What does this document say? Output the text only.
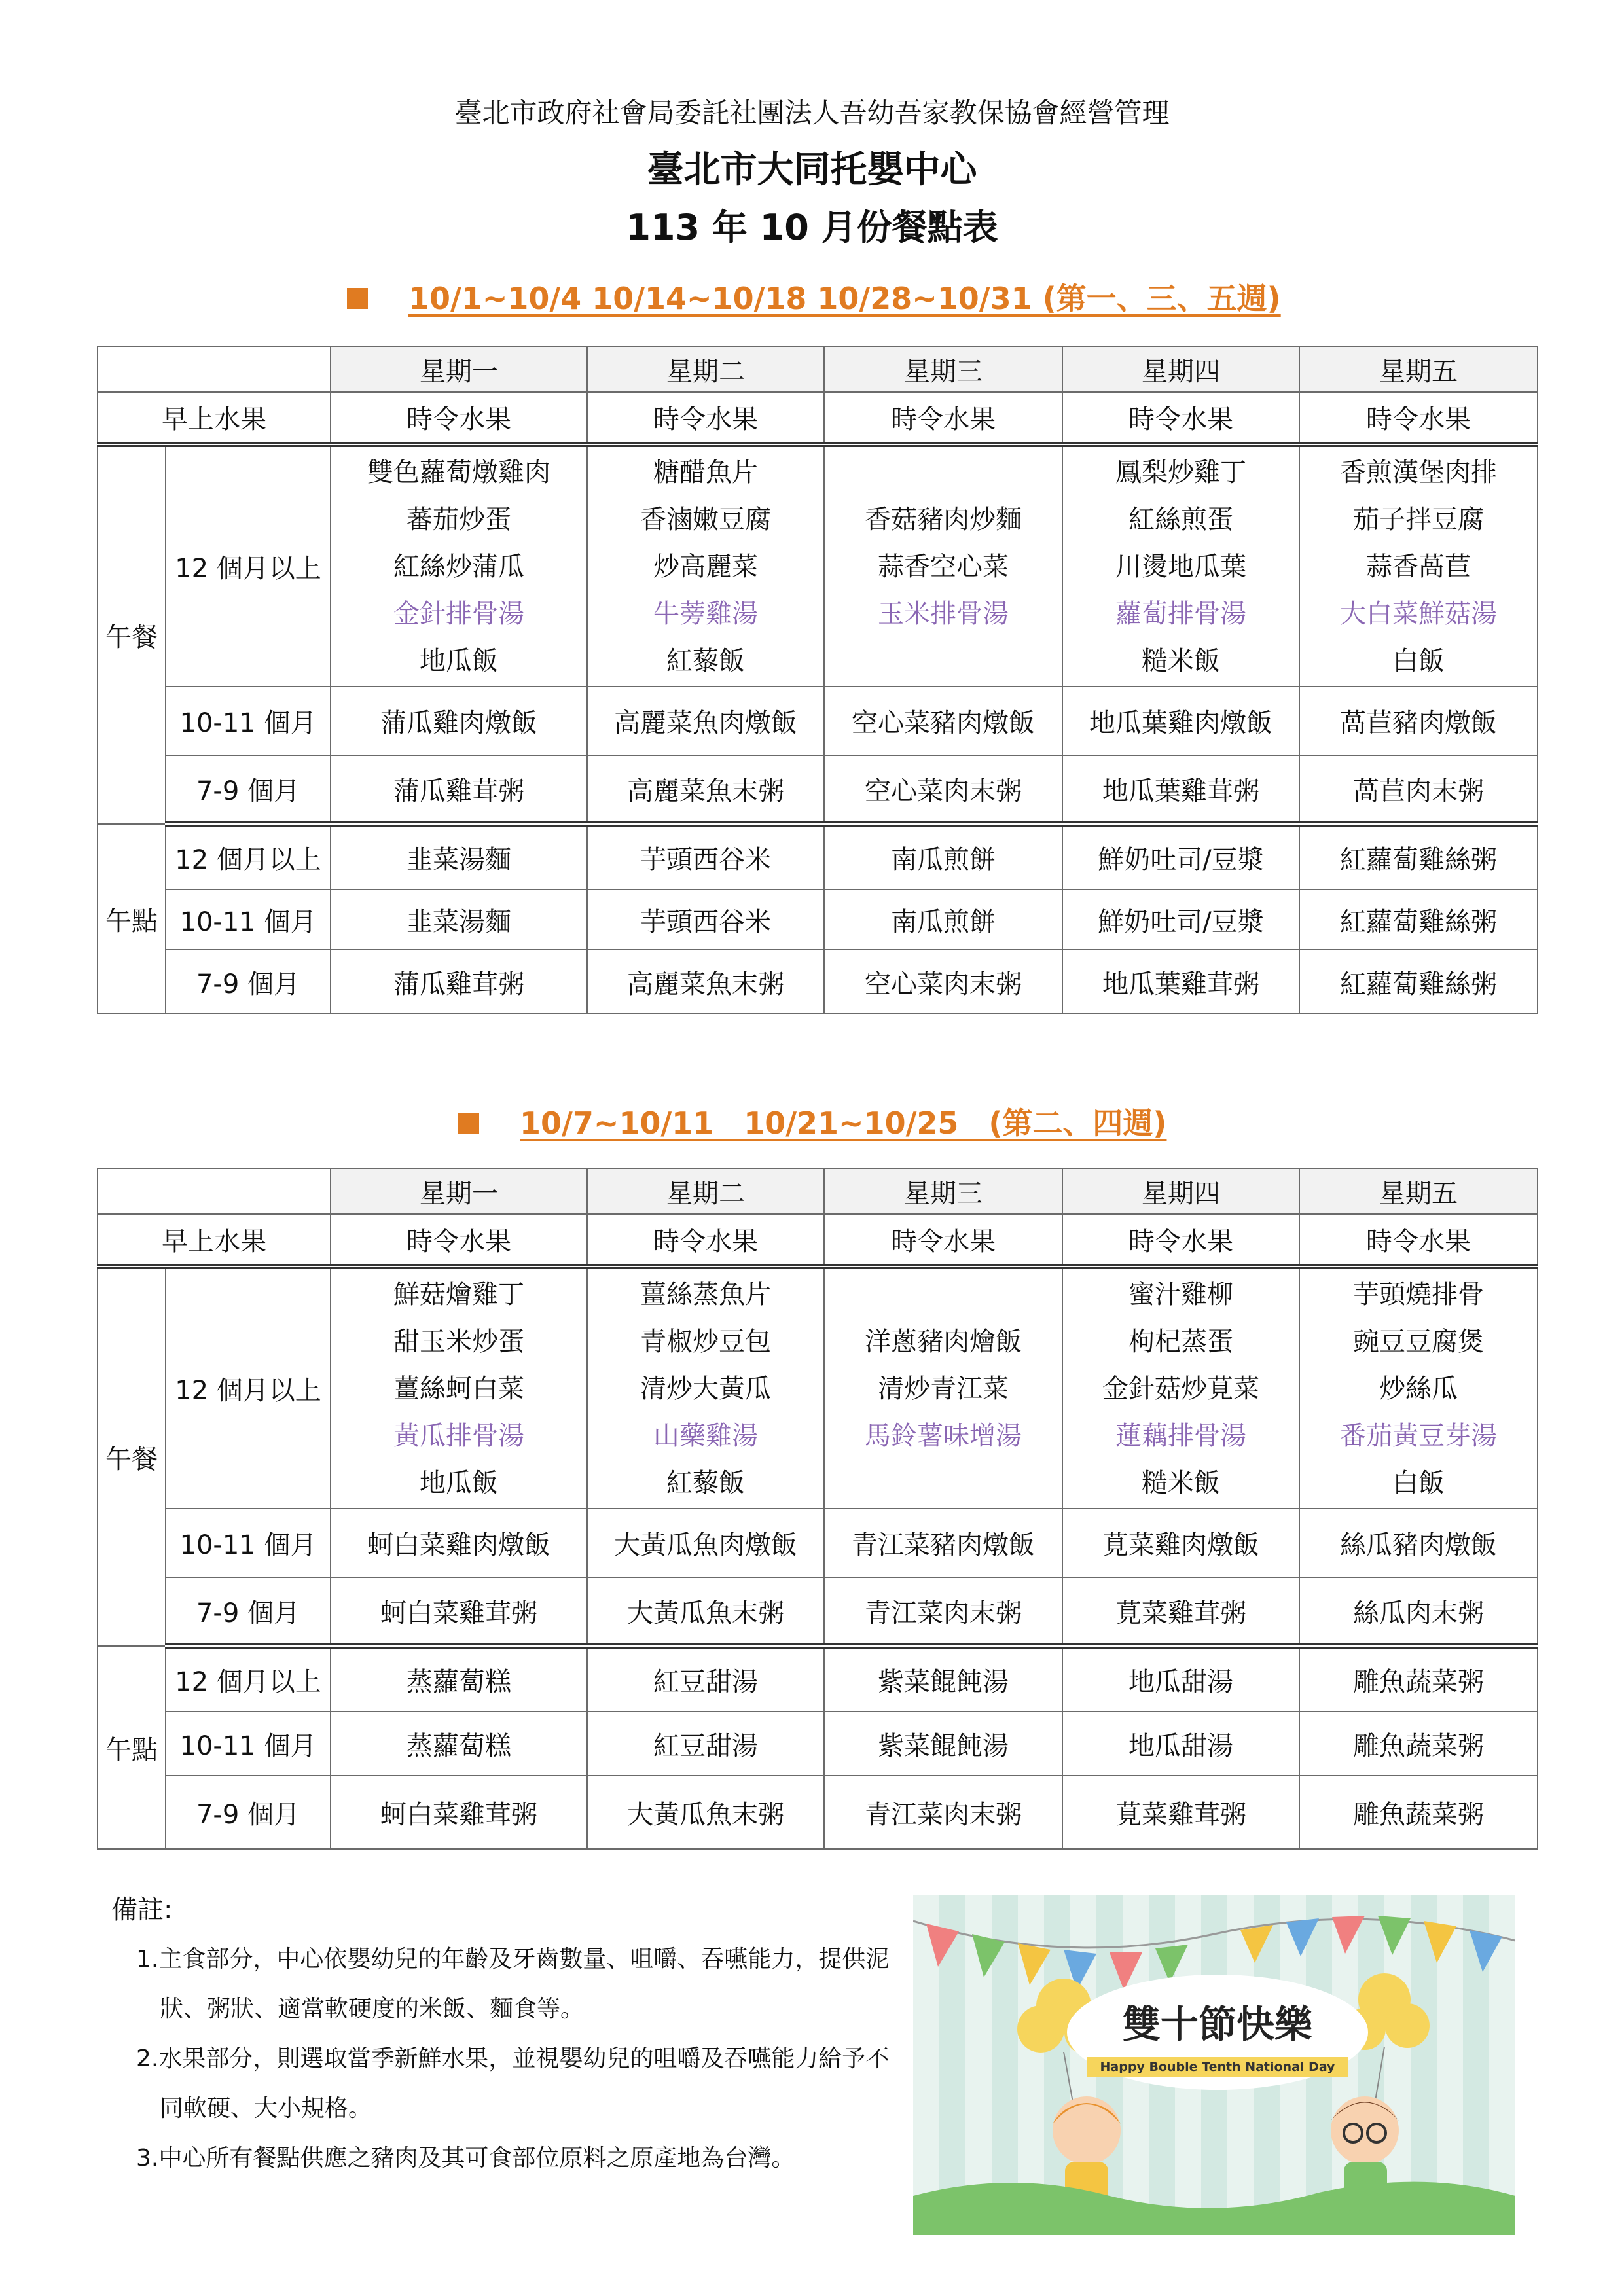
臺北市政府社會局委託社團法人吾幼吾家教保協會經營管理
臺北市大同托嬰中心
113 年 10 月份餐點表
10/1~10/4 10/14~10/18 10/28~10/31 (第一、三、五週)
		星期一	星期二	星期三	星期四	星期五
早上水果		時令水果	時令水果	時令水果	時令水果	時令水果
午餐	12 個月以上	雙色蘿蔔燉雞肉
蕃茄炒蛋
紅絲炒蒲瓜
金針排骨湯
地瓜飯	糖醋魚片
香滷嫩豆腐
炒高麗菜
牛蒡雞湯
紅藜飯	香菇豬肉炒麵
蒜香空心菜
玉米排骨湯	鳳梨炒雞丁
紅絲煎蛋
川燙地瓜葉
蘿蔔排骨湯
糙米飯	香煎漢堡肉排
茄子拌豆腐
蒜香萵苣
大白菜鮮菇湯
白飯

	10-11 個月	蒲瓜雞肉燉飯	高麗菜魚肉燉飯	空心菜豬肉燉飯	地瓜葉雞肉燉飯	萵苣豬肉燉飯
	7-9 個月	蒲瓜雞茸粥	高麗菜魚末粥	空心菜肉末粥	地瓜葉雞茸粥	萵苣肉末粥
午點	12 個月以上	韭菜湯麵	芋頭西谷米	南瓜煎餅	鮮奶吐司/豆漿	紅蘿蔔雞絲粥
	10-11 個月	韭菜湯麵	芋頭西谷米	南瓜煎餅	鮮奶吐司/豆漿	紅蘿蔔雞絲粥
	7-9 個月	蒲瓜雞茸粥	高麗菜魚末粥	空心菜肉末粥	地瓜葉雞茸粥	紅蘿蔔雞絲粥
10/7~10/11　10/21~10/25　(第二、四週)
		星期一	星期二	星期三	星期四	星期五
早上水果		時令水果	時令水果	時令水果	時令水果	時令水果
午餐	12 個月以上	鮮菇燴雞丁
甜玉米炒蛋
薑絲蚵白菜
黃瓜排骨湯
地瓜飯	薑絲蒸魚片
青椒炒豆包
清炒大黃瓜
山藥雞湯
紅藜飯	洋蔥豬肉燴飯
清炒青江菜
馬鈴薯味增湯	蜜汁雞柳
枸杞蒸蛋
金針菇炒莧菜
蓮藕排骨湯
糙米飯	芋頭燒排骨
豌豆豆腐煲
炒絲瓜
番茄黃豆芽湯
白飯

	10-11 個月	蚵白菜雞肉燉飯	大黃瓜魚肉燉飯	青江菜豬肉燉飯	莧菜雞肉燉飯	絲瓜豬肉燉飯
	7-9 個月	蚵白菜雞茸粥	大黃瓜魚末粥	青江菜肉末粥	莧菜雞茸粥	絲瓜肉末粥
午點	12 個月以上	蒸蘿蔔糕	紅豆甜湯	紫菜餛飩湯	地瓜甜湯	雕魚蔬菜粥
	10-11 個月	蒸蘿蔔糕	紅豆甜湯	紫菜餛飩湯	地瓜甜湯	雕魚蔬菜粥
	7-9 個月	蚵白菜雞茸粥	大黃瓜魚末粥	青江菜肉末粥	莧菜雞茸粥	雕魚蔬菜粥
備註:
1.主食部分，中心依嬰幼兒的年齡及牙齒數量、咀嚼、吞嚥能力，提供泥
狀、粥狀、適當軟硬度的米飯、麵食等。
2.水果部分，則選取當季新鮮水果，並視嬰幼兒的咀嚼及吞嚥能力給予不
同軟硬、大小規格。
3.中心所有餐點供應之豬肉及其可食部位原料之原產地為台灣。
雙十節快樂
Happy Bouble Tenth National Day
